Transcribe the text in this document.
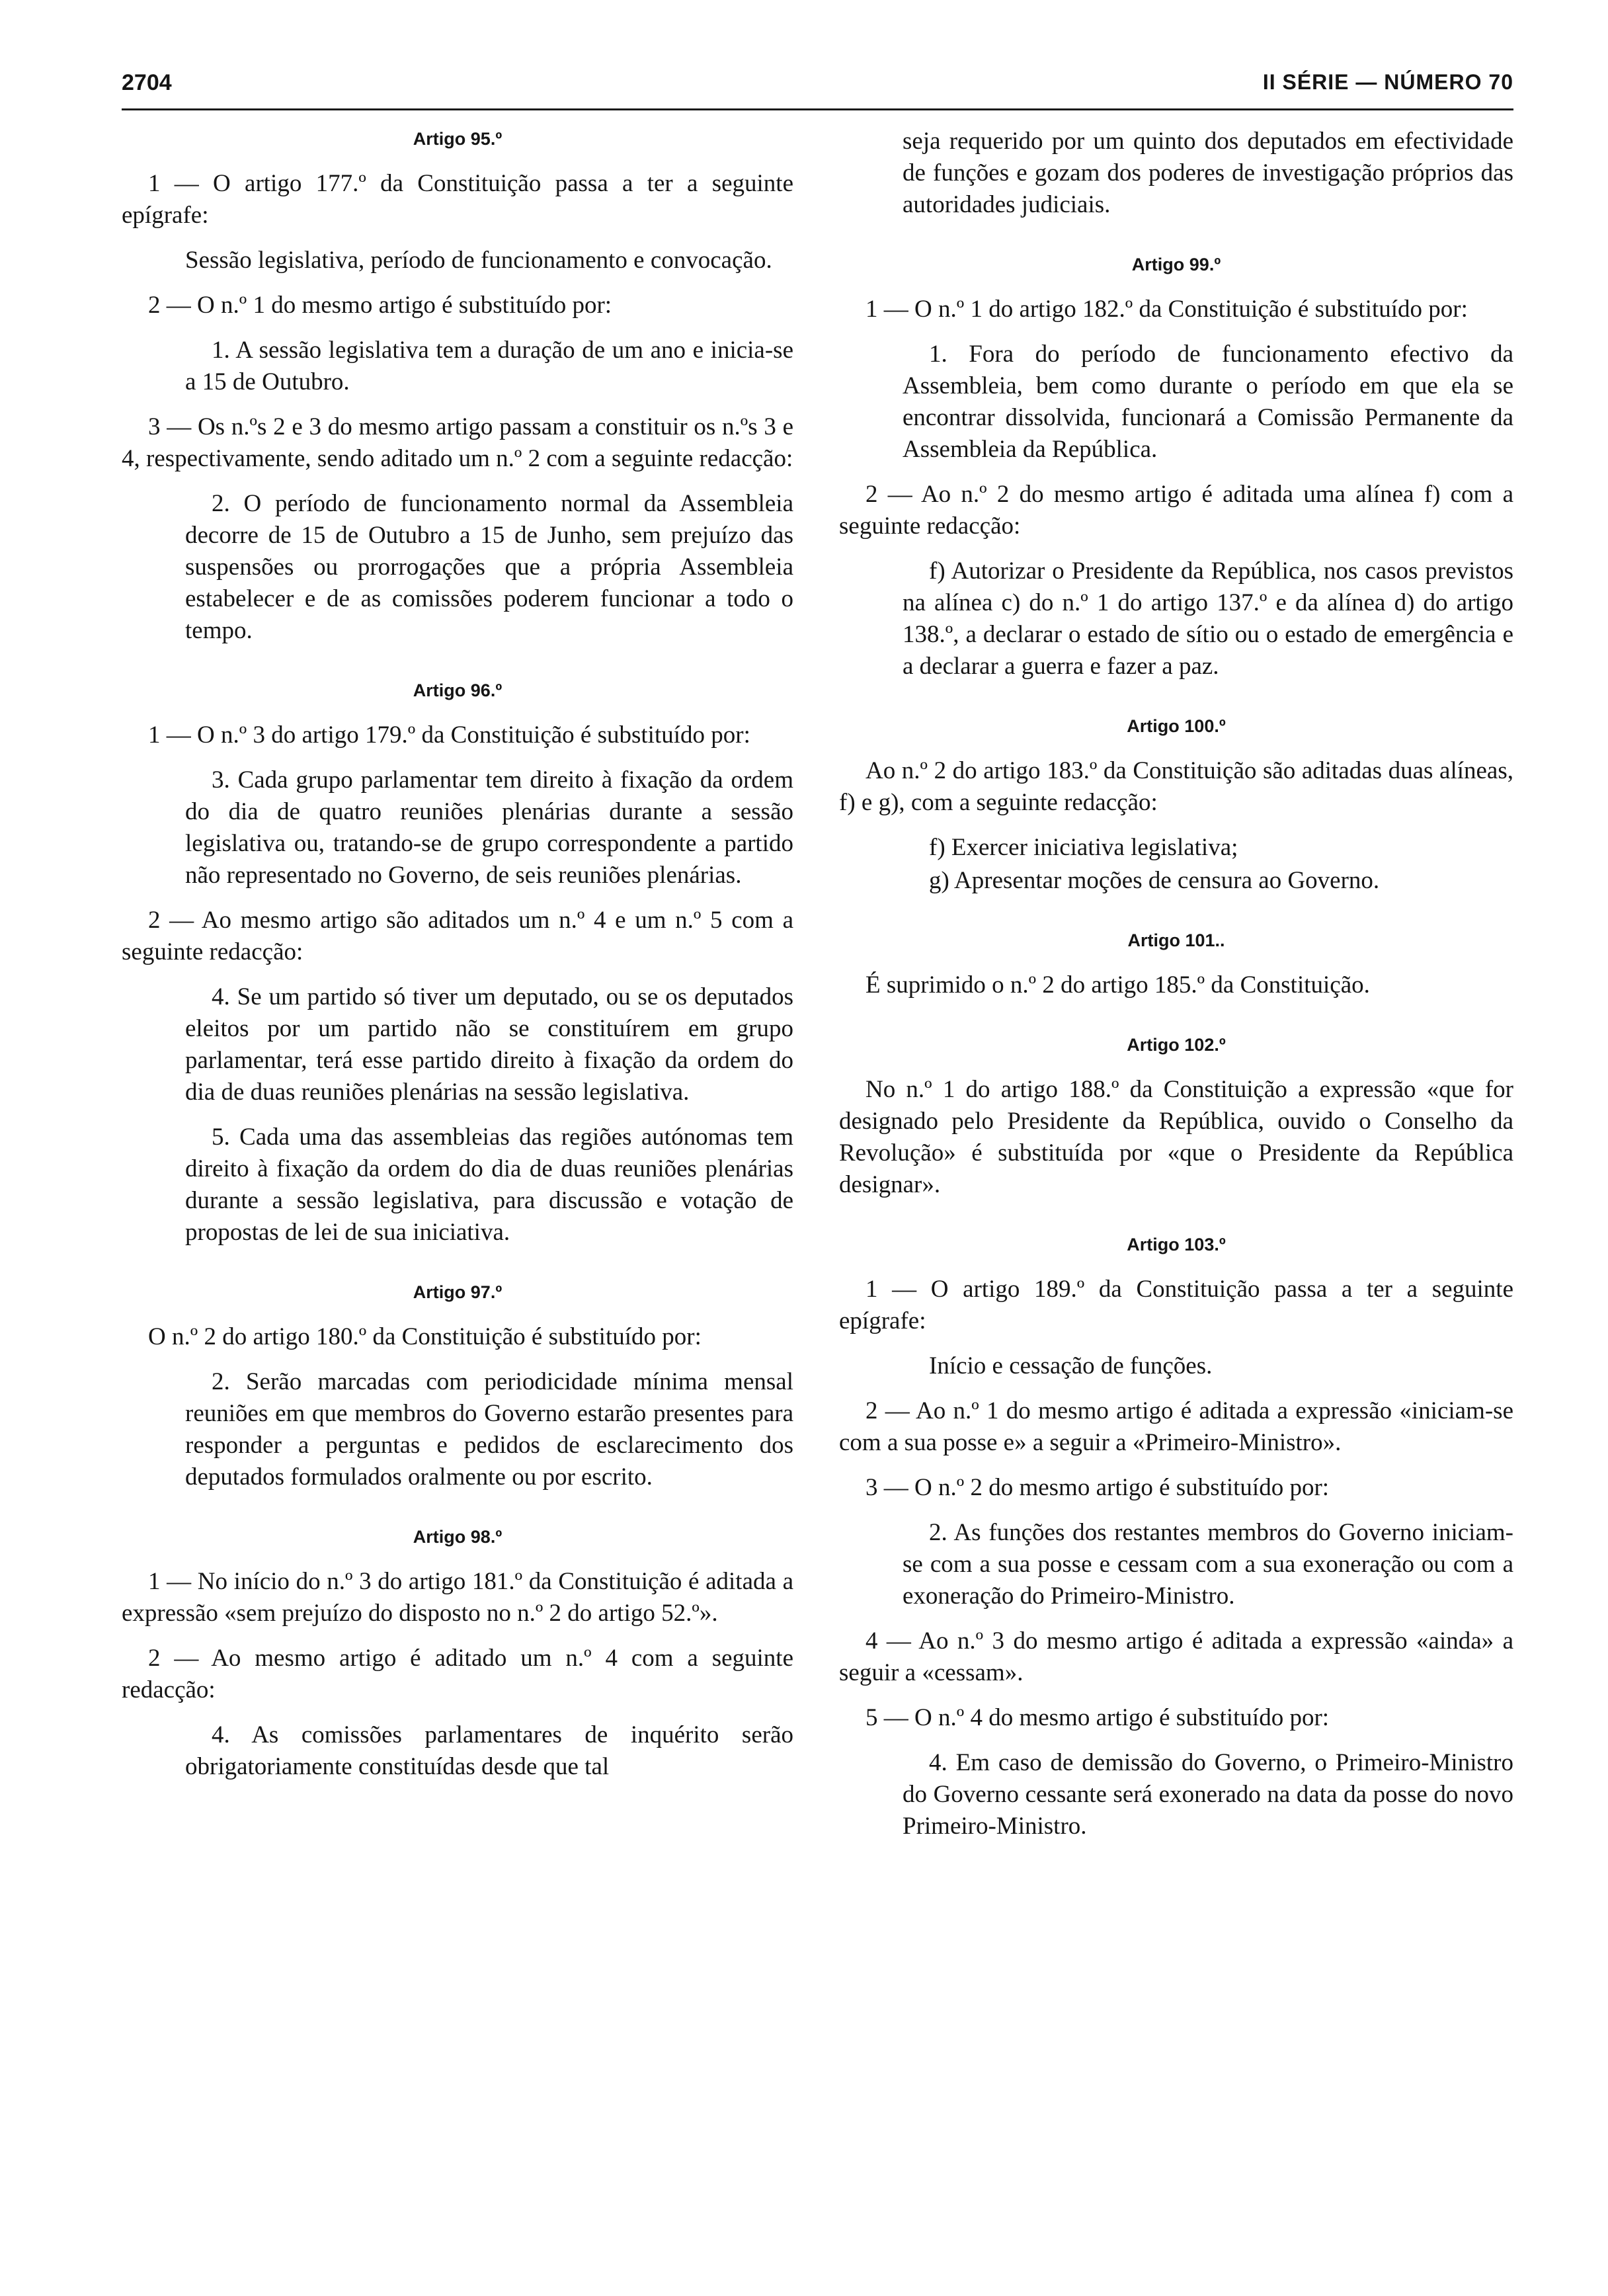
2704	II SÉRIE — NÚMERO 70
Artigo 95.º

1 — O artigo 177.º da Constituição passa a ter a seguinte epígrafe:

Sessão legislativa, período de funcionamento e convocação.

2 — O n.º 1 do mesmo artigo é substituído por:

1. A sessão legislativa tem a duração de um ano e inicia-se a 15 de Outubro.

3 — Os n.ºs 2 e 3 do mesmo artigo passam a constituir os n.ºs 3 e 4, respectivamente, sendo aditado um n.º 2 com a seguinte redacção:

2. O período de funcionamento normal da Assembleia decorre de 15 de Outubro a 15 de Junho, sem prejuízo das suspensões ou prorrogações que a própria Assembleia estabelecer e de as comissões poderem funcionar a todo o tempo.

Artigo 96.º

1 — O n.º 3 do artigo 179.º da Constituição é substituído por:

3. Cada grupo parlamentar tem direito à fixação da ordem do dia de quatro reuniões plenárias durante a sessão legislativa ou, tratando-se de grupo correspondente a partido não representado no Governo, de seis reuniões plenárias.

2 — Ao mesmo artigo são aditados um n.º 4 e um n.º 5 com a seguinte redacção:

4. Se um partido só tiver um deputado, ou se os deputados eleitos por um partido não se constituírem em grupo parlamentar, terá esse partido direito à fixação da ordem do dia de duas reuniões plenárias na sessão legislativa.

5. Cada uma das assembleias das regiões autónomas tem direito à fixação da ordem do dia de duas reuniões plenárias durante a sessão legislativa, para discussão e votação de propostas de lei de sua iniciativa.

Artigo 97.º

O n.º 2 do artigo 180.º da Constituição é substituído por:

2. Serão marcadas com periodicidade mínima mensal reuniões em que membros do Governo estarão presentes para responder a perguntas e pedidos de esclarecimento dos deputados formulados oralmente ou por escrito.

Artigo 98.º

1 — No início do n.º 3 do artigo 181.º da Constituição é aditada a expressão «sem prejuízo do disposto no n.º 2 do artigo 52.º».

2 — Ao mesmo artigo é aditado um n.º 4 com a seguinte redacção:

4. As comissões parlamentares de inquérito serão obrigatoriamente constituídas desde que tal

seja requerido por um quinto dos deputados em efectividade de funções e gozam dos poderes de investigação próprios das autoridades judiciais.

Artigo 99.º

1 — O n.º 1 do artigo 182.º da Constituição é substituído por:

1. Fora do período de funcionamento efectivo da Assembleia, bem como durante o período em que ela se encontrar dissolvida, funcionará a Comissão Permanente da Assembleia da República.

2 — Ao n.º 2 do mesmo artigo é aditada uma alínea f) com a seguinte redacção:

f) Autorizar o Presidente da República, nos casos previstos na alínea c) do n.º 1 do artigo 137.º e da alínea d) do artigo 138.º, a declarar o estado de sítio ou o estado de emergência e a declarar a guerra e fazer a paz.

Artigo 100.º

Ao n.º 2 do artigo 183.º da Constituição são aditadas duas alíneas, f) e g), com a seguinte redacção:

f) Exercer iniciativa legislativa;

g) Apresentar moções de censura ao Governo.

Artigo 101..

É suprimido o n.º 2 do artigo 185.º da Constituição.

Artigo 102.º

No n.º 1 do artigo 188.º da Constituição a expressão «que for designado pelo Presidente da República, ouvido o Conselho da Revolução» é substituída por «que o Presidente da República designar».

Artigo 103.º

1 — O artigo 189.º da Constituição passa a ter a seguinte epígrafe:

Início e cessação de funções.

2 — Ao n.º 1 do mesmo artigo é aditada a expressão «iniciam-se com a sua posse e» a seguir a «Primeiro-Ministro».

3 — O n.º 2 do mesmo artigo é substituído por:

2. As funções dos restantes membros do Governo iniciam-se com a sua posse e cessam com a sua exoneração ou com a exoneração do Primeiro-Ministro.

4 — Ao n.º 3 do mesmo artigo é aditada a expressão «ainda» a seguir a «cessam».

5 — O n.º 4 do mesmo artigo é substituído por:

4. Em caso de demissão do Governo, o Primeiro-Ministro do Governo cessante será exonerado na data da posse do novo Primeiro-Ministro.
